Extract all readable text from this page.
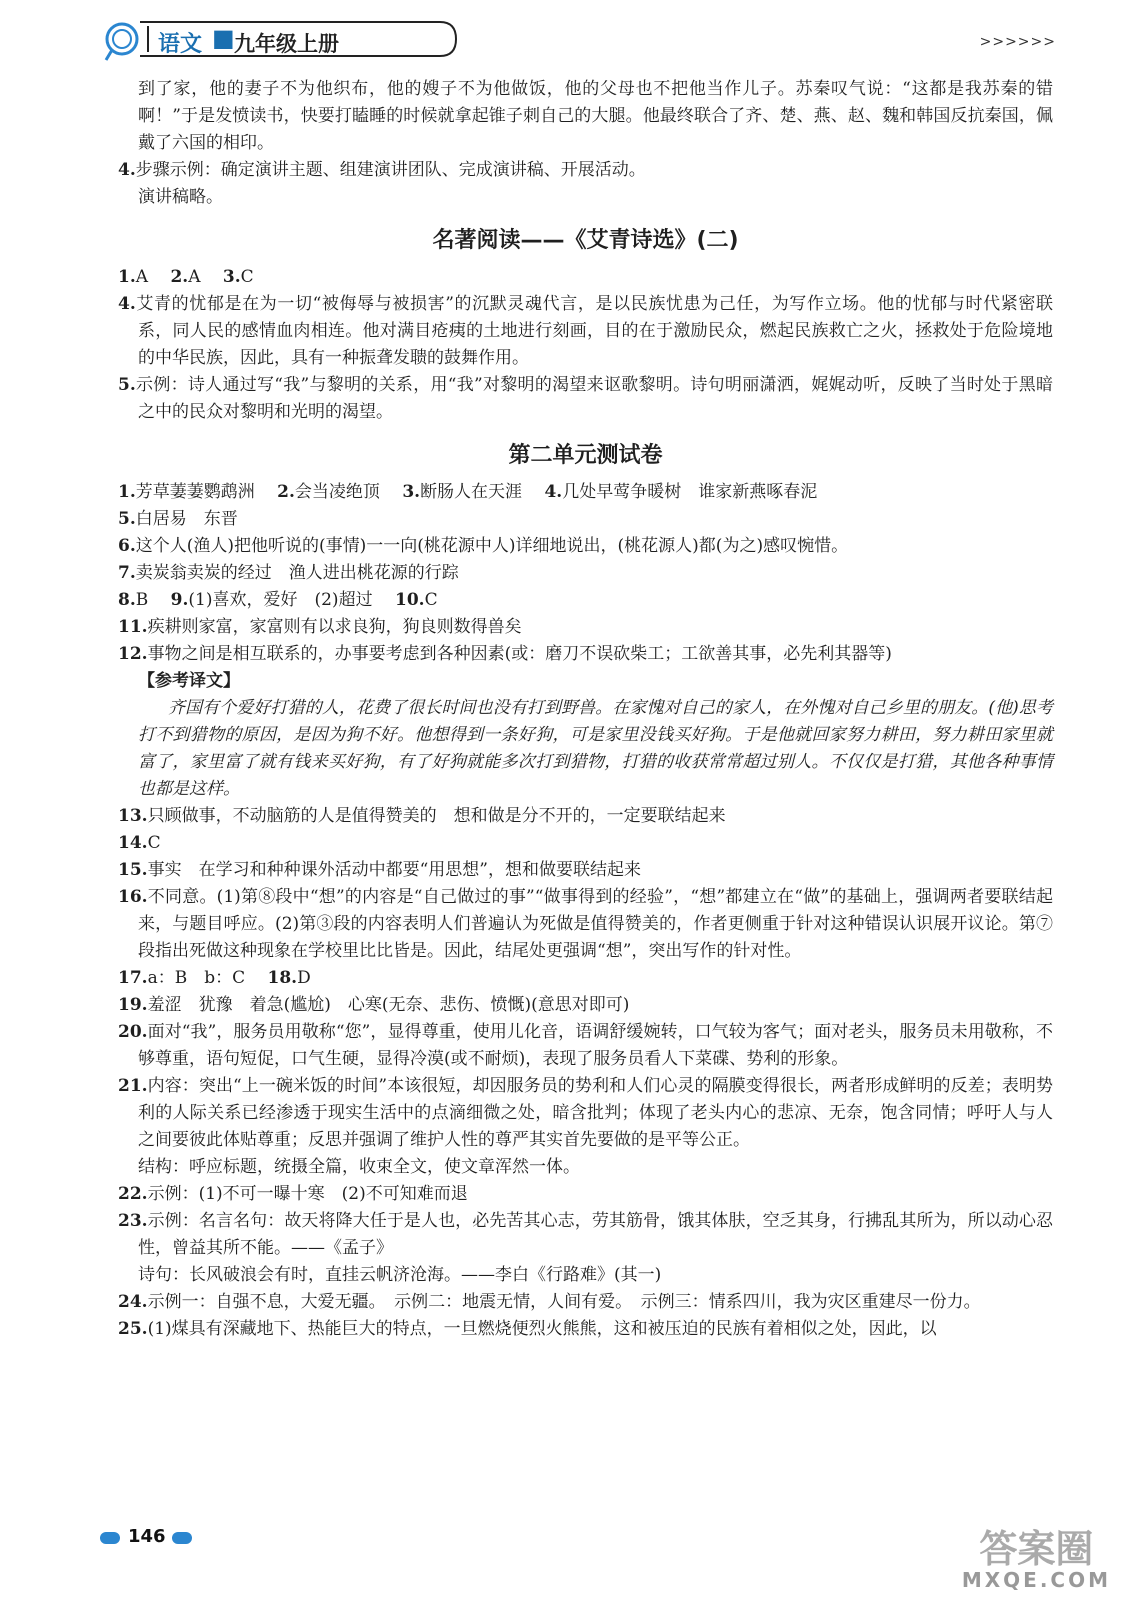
语文 ■ 九年级上册	>>>>>>

到了家，他的妻子不为他织布，他的嫂子不为他做饭，他的父母也不把他当作儿子。苏秦叹气说：“这都是我苏秦的错啊！”于是发愤读书，快要打瞌睡的时候就拿起锥子刺自己的大腿。他最终联合了齐、楚、燕、赵、魏和韩国反抗秦国，佩戴了六国的相印。

4.步骤示例：确定演讲主题、组建演讲团队、完成演讲稿、开展活动。

演讲稿略。

名著阅读——《艾青诗选》(二)

1.A　 2.A　 3.C

4.艾青的忧郁是在为一切“被侮辱与被损害”的沉默灵魂代言，是以民族忧患为己任，为写作立场。他的忧郁与时代紧密联系，同人民的感情血肉相连。他对满目疮痍的土地进行刻画，目的在于激励民众，燃起民族救亡之火，拯救处于危险境地的中华民族，因此，具有一种振聋发聩的鼓舞作用。

5.示例：诗人通过写“我”与黎明的关系，用“我”对黎明的渴望来讴歌黎明。诗句明丽潇洒，娓娓动听，反映了当时处于黑暗之中的民众对黎明和光明的渴望。

第二单元测试卷

1.芳草萋萋鹦鹉洲　 2.会当凌绝顶　 3.断肠人在天涯　 4.几处早莺争暖树　谁家新燕啄春泥

5.白居易　东晋

6.这个人(渔人)把他听说的(事情)一一向(桃花源中人)详细地说出，(桃花源人)都(为之)感叹惋惜。

7.卖炭翁卖炭的经过　渔人进出桃花源的行踪

8.B　 9.(1)喜欢，爱好　(2)超过　 10.C

11.疾耕则家富，家富则有以求良狗，狗良则数得兽矣

12.事物之间是相互联系的，办事要考虑到各种因素(或：磨刀不误砍柴工；工欲善其事，必先利其器等)

【参考译文】

齐国有个爱好打猎的人，花费了很长时间也没有打到野兽。在家愧对自己的家人，在外愧对自己乡里的朋友。(他)思考打不到猎物的原因，是因为狗不好。他想得到一条好狗，可是家里没钱买好狗。于是他就回家努力耕田，努力耕田家里就富了，家里富了就有钱来买好狗，有了好狗就能多次打到猎物，打猎的收获常常超过别人。不仅仅是打猎，其他各种事情也都是这样。

13.只顾做事，不动脑筋的人是值得赞美的　想和做是分不开的，一定要联结起来

14.C

15.事实　在学习和种种课外活动中都要“用思想”，想和做要联结起来

16.不同意。(1)第⑧段中“想”的内容是“自己做过的事”“做事得到的经验”，“想”都建立在“做”的基础上，强调两者要联结起来，与题目呼应。(2)第③段的内容表明人们普遍认为死做是值得赞美的，作者更侧重于针对这种错误认识展开议论。第⑦段指出死做这种现象在学校里比比皆是。因此，结尾处更强调“想”，突出写作的针对性。

17.a：B　b：C　 18.D

19.羞涩　犹豫　着急(尴尬)　心寒(无奈、悲伤、愤慨)(意思对即可)

20.面对“我”，服务员用敬称“您”，显得尊重，使用儿化音，语调舒缓婉转，口气较为客气；面对老头，服务员未用敬称，不够尊重，语句短促，口气生硬，显得冷漠(或不耐烦)，表现了服务员看人下菜碟、势利的形象。

21.内容：突出“上一碗米饭的时间”本该很短，却因服务员的势利和人们心灵的隔膜变得很长，两者形成鲜明的反差；表明势利的人际关系已经渗透于现实生活中的点滴细微之处，暗含批判；体现了老头内心的悲凉、无奈，饱含同情；呼吁人与人之间要彼此体贴尊重；反思并强调了维护人性的尊严其实首先要做的是平等公正。

结构：呼应标题，统摄全篇，收束全文，使文章浑然一体。

22.示例：(1)不可一曝十寒　(2)不可知难而退

23.示例：名言名句：故天将降大任于是人也，必先苦其心志，劳其筋骨，饿其体肤，空乏其身，行拂乱其所为，所以动心忍性，曾益其所不能。——《孟子》

诗句：长风破浪会有时，直挂云帆济沧海。——李白《行路难》(其一)

24.示例一：自强不息，大爱无疆。　示例二：地震无情，人间有爱。　示例三：情系四川，我为灾区重建尽一份力。

25.(1)煤具有深藏地下、热能巨大的特点，一旦燃烧便烈火熊熊，这和被压迫的民族有着相似之处，因此，以

146	答案圈
MXQE.COM
